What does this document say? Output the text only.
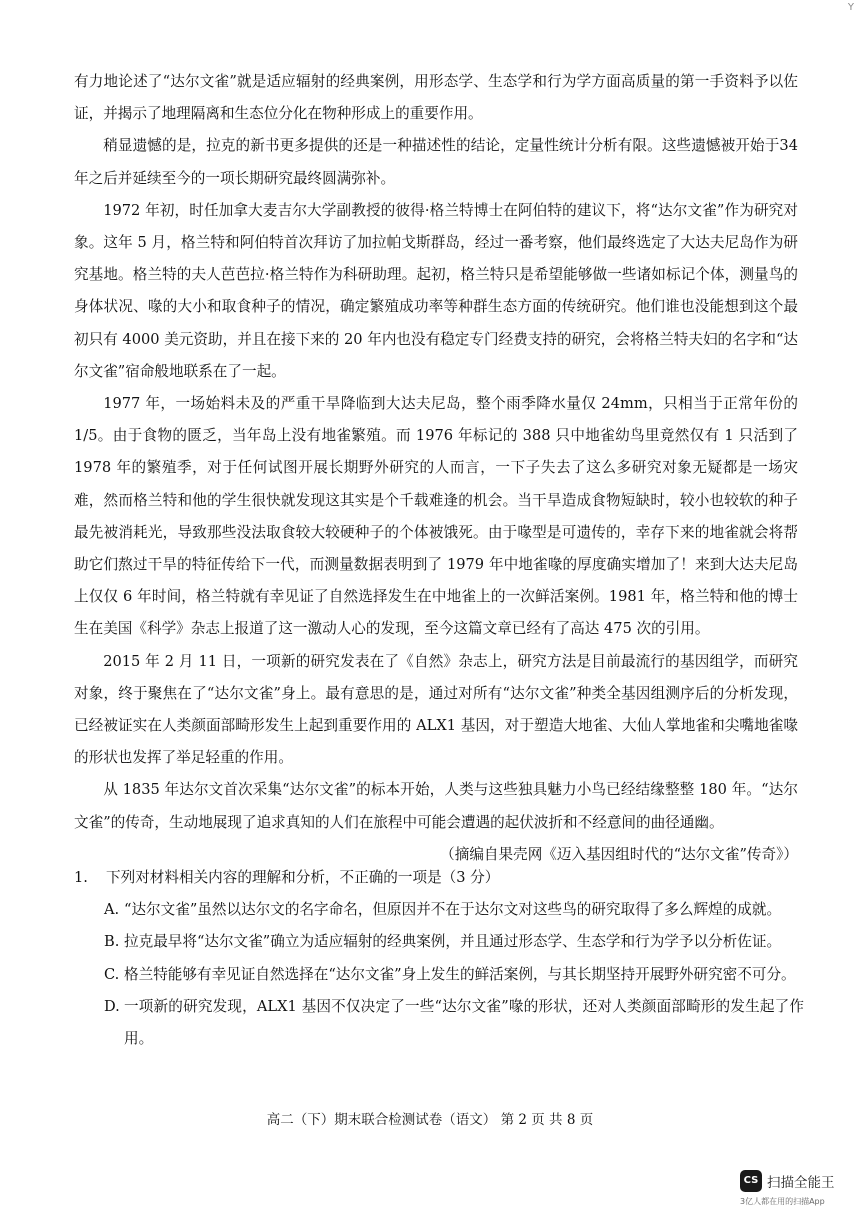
Y

有力地论述了“达尔文雀”就是适应辐射的经典案例，用形态学、生态学和行为学方面高质量的第一手资料予以佐证，并揭示了地理隔离和生态位分化在物种形成上的重要作用。

稍显遗憾的是，拉克的新书更多提供的还是一种描述性的结论，定量性统计分析有限。这些遗憾被开始于34年之后并延续至今的一项长期研究最终圆满弥补。

1972 年初，时任加拿大麦吉尔大学副教授的彼得·格兰特博士在阿伯特的建议下，将“达尔文雀”作为研究对象。这年 5 月，格兰特和阿伯特首次拜访了加拉帕戈斯群岛，经过一番考察，他们最终选定了大达夫尼岛作为研究基地。格兰特的夫人芭芭拉·格兰特作为科研助理。起初，格兰特只是希望能够做一些诸如标记个体，测量鸟的身体状况、喙的大小和取食种子的情况，确定繁殖成功率等种群生态方面的传统研究。他们谁也没能想到这个最初只有 4000 美元资助，并且在接下来的 20 年内也没有稳定专门经费支持的研究，会将格兰特夫妇的名字和“达尔文雀”宿命般地联系在了一起。

1977 年，一场始料未及的严重干旱降临到大达夫尼岛，整个雨季降水量仅 24mm，只相当于正常年份的 1/5。由于食物的匮乏，当年岛上没有地雀繁殖。而 1976 年标记的 388 只中地雀幼鸟里竟然仅有 1 只活到了 1978 年的繁殖季，对于任何试图开展长期野外研究的人而言，一下子失去了这么多研究对象无疑都是一场灾难，然而格兰特和他的学生很快就发现这其实是个千载难逢的机会。当干旱造成食物短缺时，较小也较软的种子最先被消耗光，导致那些没法取食较大较硬种子的个体被饿死。由于喙型是可遗传的，幸存下来的地雀就会将帮助它们熬过干旱的特征传给下一代，而测量数据表明到了 1979 年中地雀喙的厚度确实增加了！来到大达夫尼岛上仅仅 6 年时间，格兰特就有幸见证了自然选择发生在中地雀上的一次鲜活案例。1981 年，格兰特和他的博士生在美国《科学》杂志上报道了这一激动人心的发现，至今这篇文章已经有了高达 475 次的引用。

2015 年 2 月 11 日，一项新的研究发表在了《自然》杂志上，研究方法是目前最流行的基因组学，而研究对象，终于聚焦在了“达尔文雀”身上。最有意思的是，通过对所有“达尔文雀”种类全基因组测序后的分析发现，已经被证实在人类颜面部畸形发生上起到重要作用的 ALX1 基因，对于塑造大地雀、大仙人掌地雀和尖嘴地雀喙的形状也发挥了举足轻重的作用。

从 1835 年达尔文首次采集“达尔文雀”的标本开始，人类与这些独具魅力小鸟已经结缘整整 180 年。“达尔文雀”的传奇，生动地展现了追求真知的人们在旅程中可能会遭遇的起伏波折和不经意间的曲径通幽。

（摘编自果壳网《迈入基因组时代的“达尔文雀”传奇》）

1.	下列对材料相关内容的理解和分析，不正确的一项是（3 分）
A. “达尔文雀”虽然以达尔文的名字命名，但原因并不在于达尔文对这些鸟的研究取得了多么辉煌的成就。
B. 拉克最早将“达尔文雀”确立为适应辐射的经典案例，并且通过形态学、生态学和行为学予以分析佐证。
C. 格兰特能够有幸见证自然选择在“达尔文雀”身上发生的鲜活案例，与其长期坚持开展野外研究密不可分。
D. 一项新的研究发现，ALX1 基因不仅决定了一些“达尔文雀”喙的形状，还对人类颜面部畸形的发生起了作用。
高二（下）期末联合检测试卷（语文） 第 2 页 共 8 页
CS 扫描全能王
3亿人都在用的扫描App
